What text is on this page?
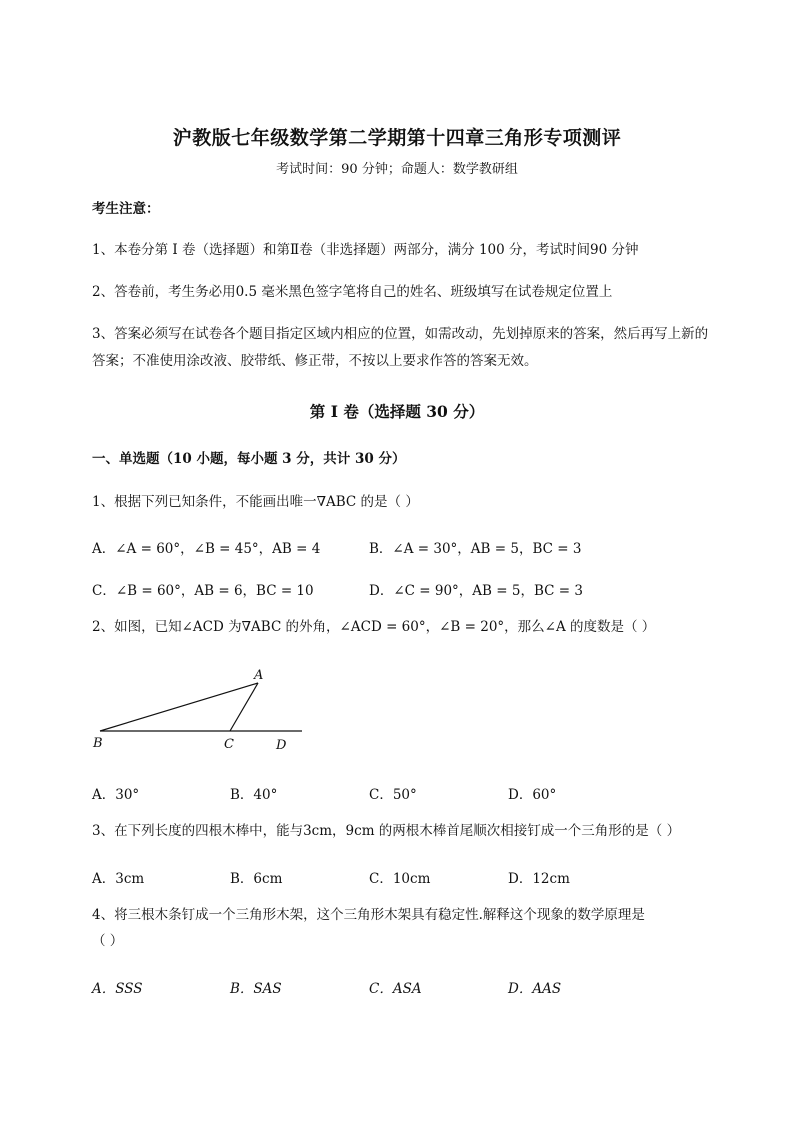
沪教版七年级数学第二学期第十四章三角形专项测评
考试时间：90 分钟；命题人：数学教研组
考生注意：
1、本卷分第 I 卷（选择题）和第Ⅱ卷（非选择题）两部分，满分 100 分，考试时间90 分钟
2、答卷前，考生务必用0.5 毫米黑色签字笔将自己的姓名、班级填写在试卷规定位置上
3、答案必须写在试卷各个题目指定区域内相应的位置，如需改动，先划掉原来的答案，然后再写上新的答案；不准使用涂改液、胶带纸、修正带，不按以上要求作答的答案无效。
第 I 卷（选择题 30 分）
一、单选题（10 小题，每小题 3 分，共计 30 分）
1、根据下列已知条件，不能画出唯一∇ABC 的是（ ）
A．∠A = 60°，∠B = 45°，AB = 4	B．∠A = 30°，AB = 5，BC = 3
C．∠B = 60°，AB = 6，BC = 10	D．∠C = 90°，AB = 5，BC = 3
2、如图，已知∠ACD 为∇ABC 的外角，∠ACD = 60°，∠B = 20°，那么∠A 的度数是（ ）
A
B	C	D
A．30°	B．40°	C．50°	D．60°
3、在下列长度的四根木棒中，能与3cm，9cm 的两根木棒首尾顺次相接钉成一个三角形的是（ ）
A．3cm	B．6cm	C．10cm	D．12cm
4、将三根木条钉成一个三角形木架，这个三角形木架具有稳定性.解释这个现象的数学原理是
（ ）
A．SSS	B．SAS	C．ASA	D．AAS
